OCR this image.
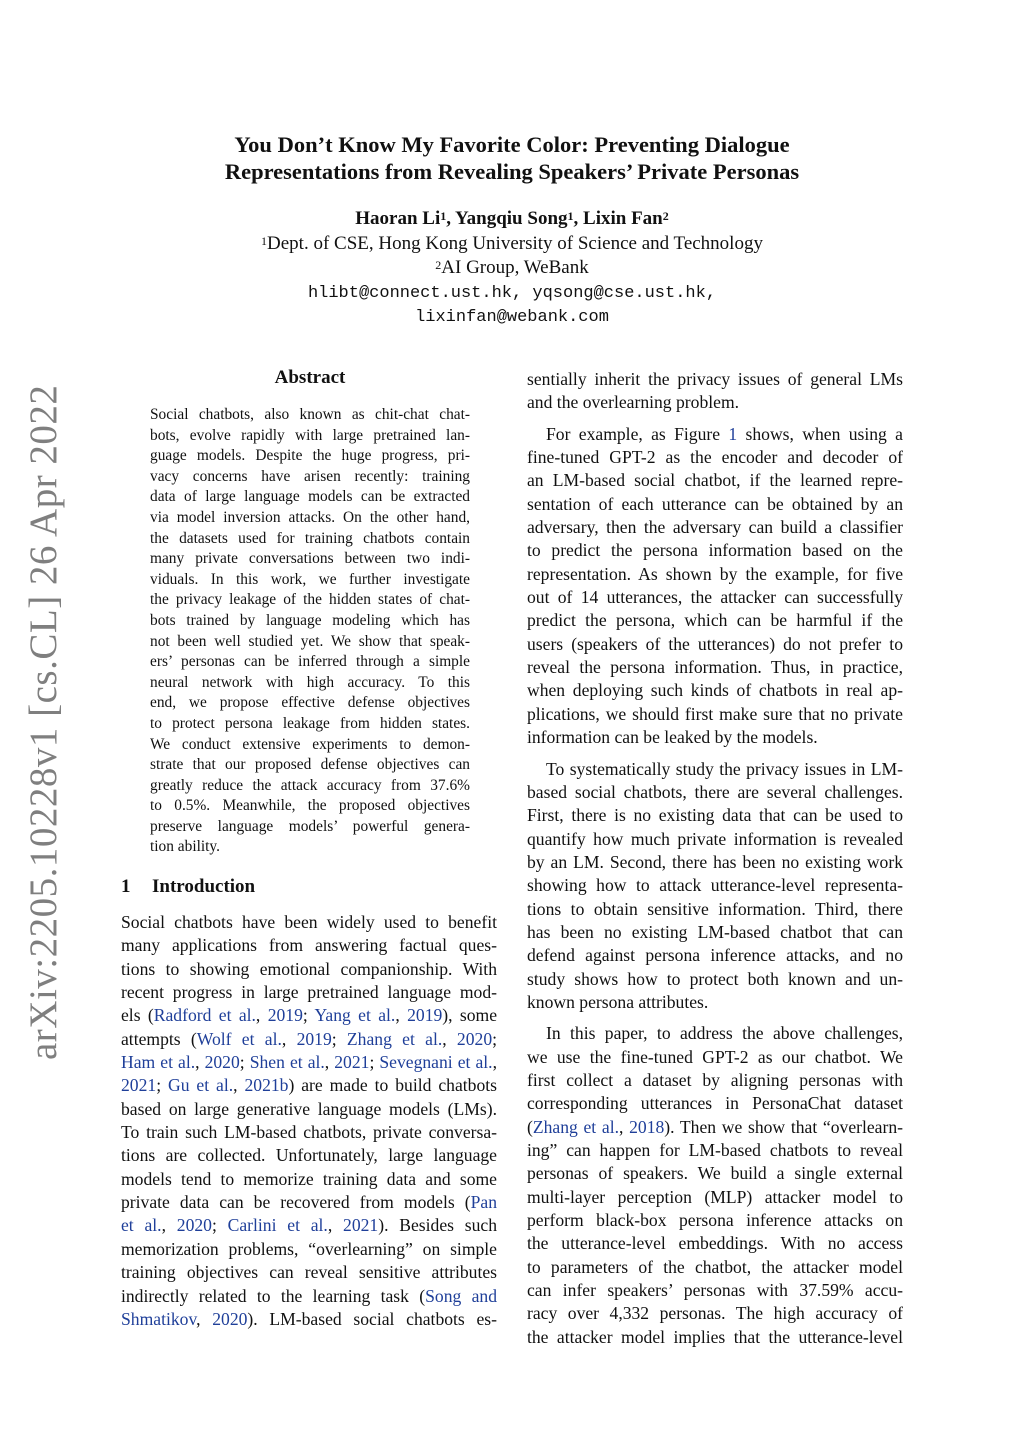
arXiv:2205.10228v1 [cs.CL] 26 Apr 2022
You Don’t Know My Favorite Color: Preventing Dialogue
Representations from Revealing Speakers’ Private Personas
Haoran Li$^1$, Yangqiu Song$^1$, Lixin Fan$^2$
$^1$Dept. of CSE, Hong Kong University of Science and Technology
$^2$AI Group, WeBank
hlibt@connect.ust.hk, yqsong@cse.ust.hk,
lixinfan@webank.com
Abstract
Social chatbots, also known as chit-chat chat-
bots, evolve rapidly with large pretrained lan-
guage models. Despite the huge progress, pri-
vacy concerns have arisen recently: training
data of large language models can be extracted
via model inversion attacks. On the other hand,
the datasets used for training chatbots contain
many private conversations between two indi-
viduals. In this work, we further investigate
the privacy leakage of the hidden states of chat-
bots trained by language modeling which has
not been well studied yet. We show that speak-
ers’ personas can be inferred through a simple
neural network with high accuracy. To this
end, we propose effective defense objectives
to protect persona leakage from hidden states.
We conduct extensive experiments to demon-
strate that our proposed defense objectives can
greatly reduce the attack accuracy from 37.6%
to 0.5%. Meanwhile, the proposed objectives
preserve language models’ powerful genera-
tion ability.
1 Introduction
Social chatbots have been widely used to benefit
many applications from answering factual ques-
tions to showing emotional companionship. With
recent progress in large pretrained language mod-
els (Radford et al., 2019; Yang et al., 2019), some
attempts (Wolf et al., 2019; Zhang et al., 2020;
Ham et al., 2020; Shen et al., 2021; Sevegnani et al.,
2021; Gu et al., 2021b) are made to build chatbots
based on large generative language models (LMs).
To train such LM-based chatbots, private conversa-
tions are collected. Unfortunately, large language
models tend to memorize training data and some
private data can be recovered from models (Pan
et al., 2020; Carlini et al., 2021). Besides such
memorization problems, “overlearning” on simple
training objectives can reveal sensitive attributes
indirectly related to the learning task (Song and
Shmatikov, 2020). LM-based social chatbots es-
sentially inherit the privacy issues of general LMs
and the overlearning problem.
For example, as Figure 1 shows, when using a
fine-tuned GPT-2 as the encoder and decoder of
an LM-based social chatbot, if the learned repre-
sentation of each utterance can be obtained by an
adversary, then the adversary can build a classifier
to predict the persona information based on the
representation. As shown by the example, for five
out of 14 utterances, the attacker can successfully
predict the persona, which can be harmful if the
users (speakers of the utterances) do not prefer to
reveal the persona information. Thus, in practice,
when deploying such kinds of chatbots in real ap-
plications, we should first make sure that no private
information can be leaked by the models.
To systematically study the privacy issues in LM-
based social chatbots, there are several challenges.
First, there is no existing data that can be used to
quantify how much private information is revealed
by an LM. Second, there has been no existing work
showing how to attack utterance-level representa-
tions to obtain sensitive information. Third, there
has been no existing LM-based chatbot that can
defend against persona inference attacks, and no
study shows how to protect both known and un-
known persona attributes.
In this paper, to address the above challenges,
we use the fine-tuned GPT-2 as our chatbot. We
first collect a dataset by aligning personas with
corresponding utterances in PersonaChat dataset
(Zhang et al., 2018). Then we show that “overlearn-
ing” can happen for LM-based chatbots to reveal
personas of speakers. We build a single external
multi-layer perception (MLP) attacker model to
perform black-box persona inference attacks on
the utterance-level embeddings. With no access
to parameters of the chatbot, the attacker model
can infer speakers’ personas with 37.59% accu-
racy over 4,332 personas. The high accuracy of
the attacker model implies that the utterance-level
